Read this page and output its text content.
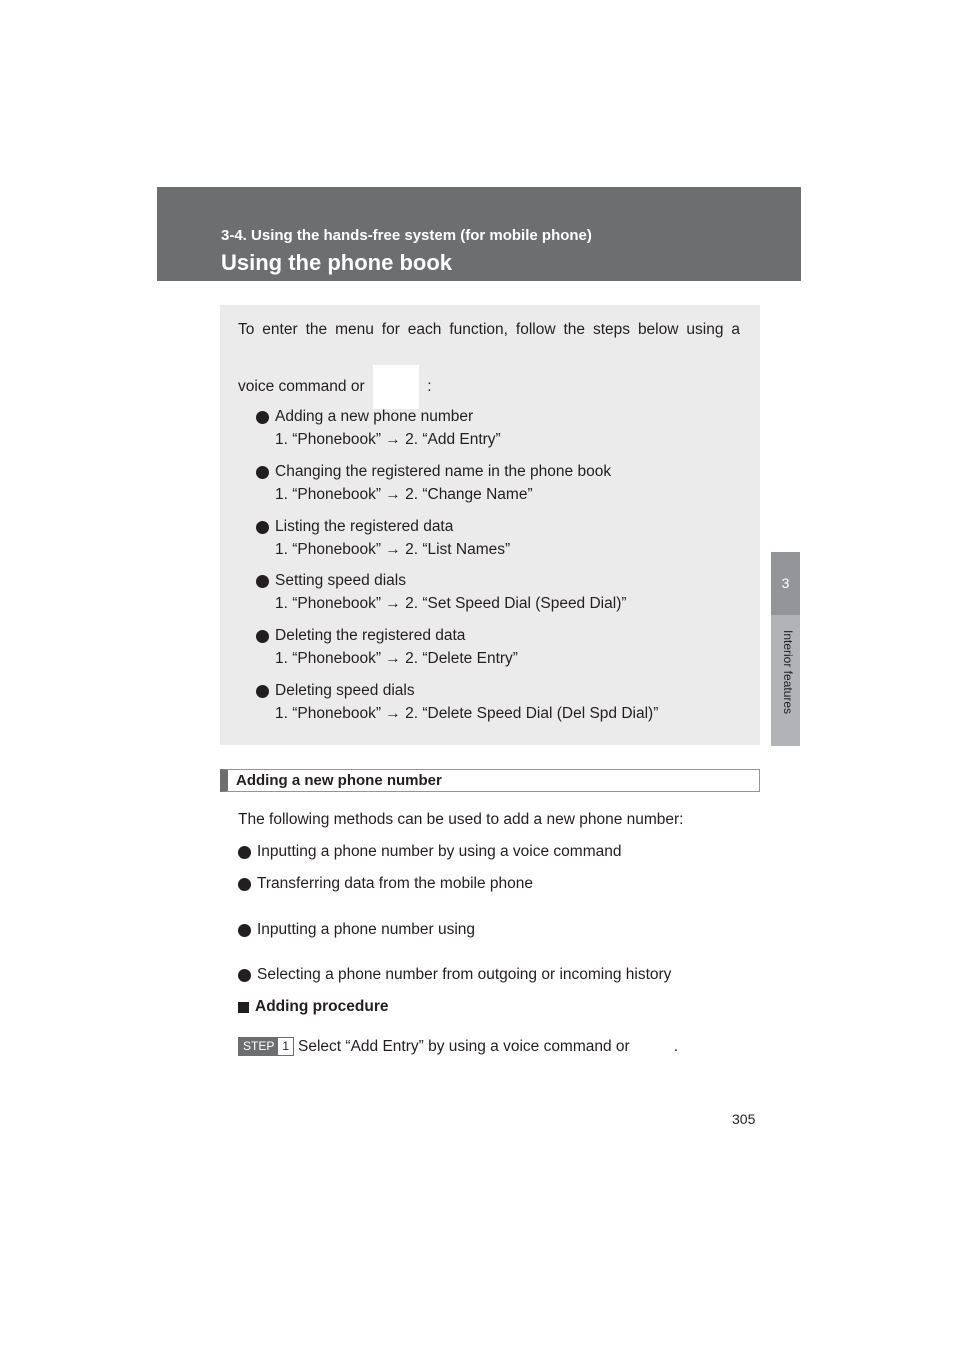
3-4. Using the hands-free system (for mobile phone)
Using the phone book
3
Interior features
To enter the menu for each function, follow the steps below using a
voice command or	:
Adding a new phone number
1. “Phonebook” → 2. “Add Entry”
Changing the registered name in the phone book
1. “Phonebook” → 2. “Change Name”
Listing the registered data
1. “Phonebook” → 2. “List Names”
Setting speed dials
1. “Phonebook” → 2. “Set Speed Dial (Speed Dial)”
Deleting the registered data
1. “Phonebook” → 2. “Delete Entry”
Deleting speed dials
1. “Phonebook” → 2. “Delete Speed Dial (Del Spd Dial)”
Adding a new phone number
The following methods can be used to add a new phone number:
Inputting a phone number by using a voice command
Transferring data from the mobile phone
Inputting a phone number using
Selecting a phone number from outgoing or incoming history
Adding procedure
STEP 1 Select “Add Entry” by using a voice command or	.
305
